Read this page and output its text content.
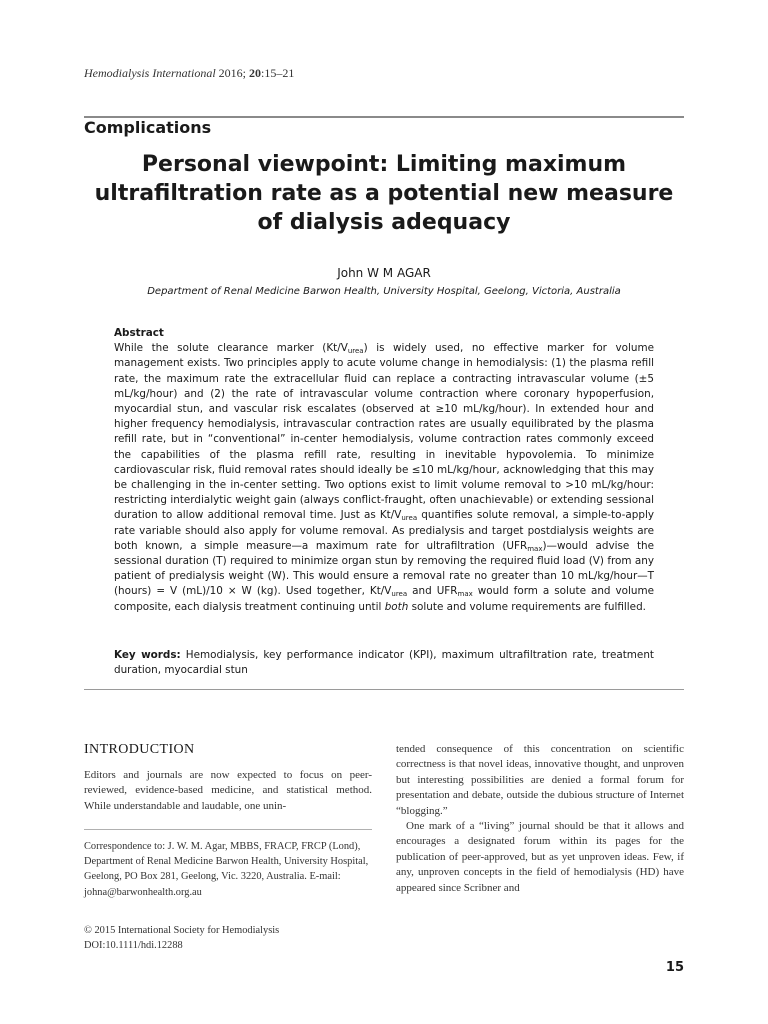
Hemodialysis International 2016; 20:15–21
Complications
Personal viewpoint: Limiting maximum ultrafiltration rate as a potential new measure of dialysis adequacy
John W M AGAR
Department of Renal Medicine Barwon Health, University Hospital, Geelong, Victoria, Australia
Abstract
While the solute clearance marker $(Kt/V_{urea})$ is widely used, no effective marker for volume management exists. Two principles apply to acute volume change in hemodialysis: (1) the plasma refill rate, the maximum rate the extracellular fluid can replace a contracting intravascular volume (±5 mL/kg/hour) and (2) the rate of intravascular volume contraction where coronary hypoperfusion, myocardial stun, and vascular risk escalates (observed at ≥10 mL/kg/hour). In extended hour and higher frequency hemodialysis, intravascular contraction rates are usually equilibrated by the plasma refill rate, but in “conventional” in-center hemodialysis, volume contraction rates commonly exceed the capabilities of the plasma refill rate, resulting in inevitable hypovolemia. To minimize cardiovascular risk, fluid removal rates should ideally be ≤10 mL/kg/hour, acknowledging that this may be challenging in the in-center setting. Two options exist to limit volume removal to >10 mL/kg/hour: restricting interdialytic weight gain (always conflict-fraught, often unachievable) or extending sessional duration to allow additional removal time. Just as $Kt/V_{urea}$ quantifies solute removal, a simple-to-apply rate variable should also apply for volume removal. As predialysis and target postdialysis weights are both known, a simple measure—a maximum rate for ultrafiltration $(UFR_{max})—would$ advise the sessional duration (T) required to minimize organ stun by removing the required fluid load (V) from any patient of predialysis weight (W). This would ensure a removal rate no greater than 10 mL/kg/hour—T (hours) = V (mL)/10 × W (kg). Used together, $Kt/V_{urea}$ and $UFR_{max}$ would form a solute and volume composite, each dialysis treatment continuing until both solute and volume requirements are fulfilled.
Key words: Hemodialysis, key performance indicator (KPI), maximum ultrafiltration rate, treatment duration, myocardial stun
INTRODUCTION
Editors and journals are now expected to focus on peer-reviewed, evidence-based medicine, and statistical method. While understandable and laudable, one unin-
Correspondence to: J. W. M. Agar, MBBS, FRACP, FRCP (Lond), Department of Renal Medicine Barwon Health, University Hospital, Geelong, PO Box 281, Geelong, Vic. 3220, Australia. E-mail: johna@barwonhealth.org.au
© 2015 International Society for Hemodialysis
DOI:10.1111/hdi.12288

tended consequence of this concentration on scientific correctness is that novel ideas, innovative thought, and unproven but interesting possibilities are denied a formal forum for presentation and debate, outside the dubious structure of Internet “blogging.”

One mark of a “living” journal should be that it allows and encourages a designated forum within its pages for the publication of peer-approved, but as yet unproven ideas. Few, if any, unproven concepts in the field of hemodialysis (HD) have appeared since Scribner and

15
